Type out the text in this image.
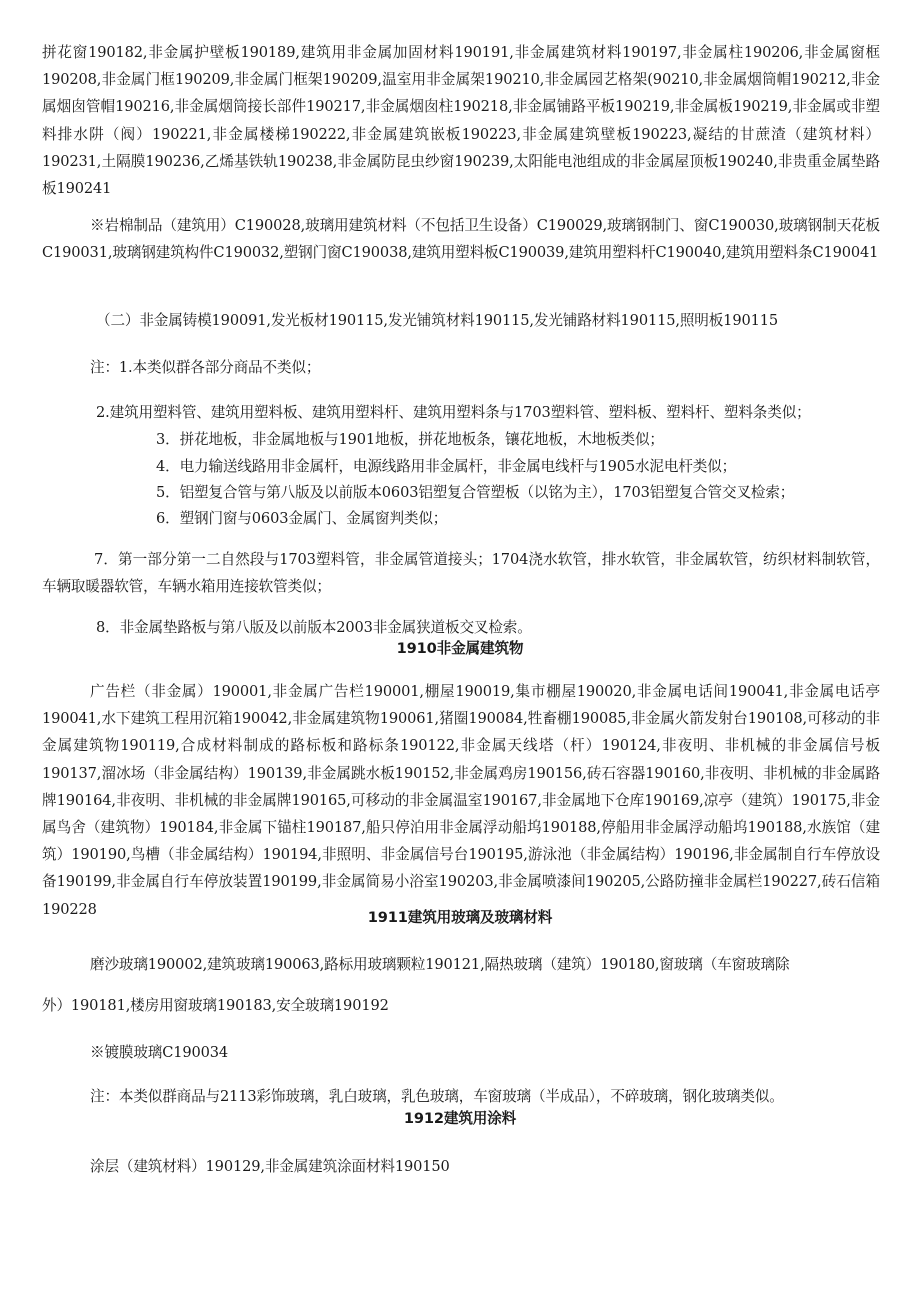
拼花窗190182,非金属护壁板190189,建筑用非金属加固材料190191,非金属建筑材料190197,非金属柱190206,非金属窗框190208,非金属门框190209,非金属门框架190209,温室用非金属架190210,非金属园艺格架(90210,非金属烟筒帽190212,非金属烟囱管帽190216,非金属烟筒接长部件190217,非金属烟囱柱190218,非金属铺路平板190219,非金属板190219,非金属或非塑料排水阱（阀）190221,非金属楼梯190222,非金属建筑嵌板190223,非金属建筑壁板190223,凝结的甘蔗渣（建筑材料）190231,土隔膜190236,乙烯基铁轨190238,非金属防昆虫纱窗190239,太阳能电池组成的非金属屋顶板190240,非贵重金属垫路板190241

※岩棉制品（建筑用）C190028,玻璃用建筑材料（不包括卫生设备）C190029,玻璃钢制门、窗C190030,玻璃钢制天花板C190031,玻璃钢建筑构件C190032,塑钢门窗C190038,建筑用塑料板C190039,建筑用塑料杆C190040,建筑用塑料条C190041

（二）非金属铸模190091,发光板材190115,发光铺筑材料190115,发光铺路材料190115,照明板190115

注：1.本类似群各部分商品不类似；

2.建筑用塑料管、建筑用塑料板、建筑用塑料杆、建筑用塑料条与1703塑料管、塑料板、塑料杆、塑料条类似；

3．拼花地板，非金属地板与1901地板，拼花地板条，镶花地板，木地板类似；

4．电力输送线路用非金属杆，电源线路用非金属杆，非金属电线杆与1905水泥电杆类似；

5．铝塑复合管与第八版及以前版本0603铝塑复合管塑板（以铭为主），1703铝塑复合管交叉检索；

6．塑钢门窗与0603金属门、金属窗判类似；

7．第一部分第一二自然段与1703塑料管，非金属管道接头；1704浇水软管，排水软管，非金属软管，纺织材料制软管，车辆取暖器软管，车辆水箱用连接软管类似；

8．非金属垫路板与第八版及以前版本2003非金属狭道板交叉检索。

1910非金属建筑物

广告栏（非金属）190001,非金属广告栏190001,棚屋190019,集市棚屋190020,非金属电话间190041,非金属电话亭190041,水下建筑工程用沉箱190042,非金属建筑物190061,猪圈190084,牲畜棚190085,非金属火箭发射台190108,可移动的非金属建筑物190119,合成材料制成的路标板和路标条190122,非金属天线塔（杆）190124,非夜明、非机械的非金属信号板190137,溜冰场（非金属结构）190139,非金属跳水板190152,非金属鸡房190156,砖石容器190160,非夜明、非机械的非金属路牌190164,非夜明、非机械的非金属牌190165,可移动的非金属温室190167,非金属地下仓库190169,凉亭（建筑）190175,非金属鸟舍（建筑物）190184,非金属下锚柱190187,船只停泊用非金属浮动船坞190188,停船用非金属浮动船坞190188,水族馆（建筑）190190,鸟槽（非金属结构）190194,非照明、非金属信号台190195,游泳池（非金属结构）190196,非金属制自行车停放设备190199,非金属自行车停放装置190199,非金属简易小浴室190203,非金属喷漆间190205,公路防撞非金属栏190227,砖石信箱190228	1911建筑用玻璃及玻璃材料

磨沙玻璃190002,建筑玻璃190063,路标用玻璃颗粒190121,隔热玻璃（建筑）190180,窗玻璃（车窗玻璃除

外）190181,楼房用窗玻璃190183,安全玻璃190192

※镀膜玻璃C190034

注：本类似群商品与2113彩饰玻璃，乳白玻璃，乳色玻璃，车窗玻璃（半成品），不碎玻璃，钢化玻璃类似。

1912建筑用涂料

涂层（建筑材料）190129,非金属建筑涂面材料190150
